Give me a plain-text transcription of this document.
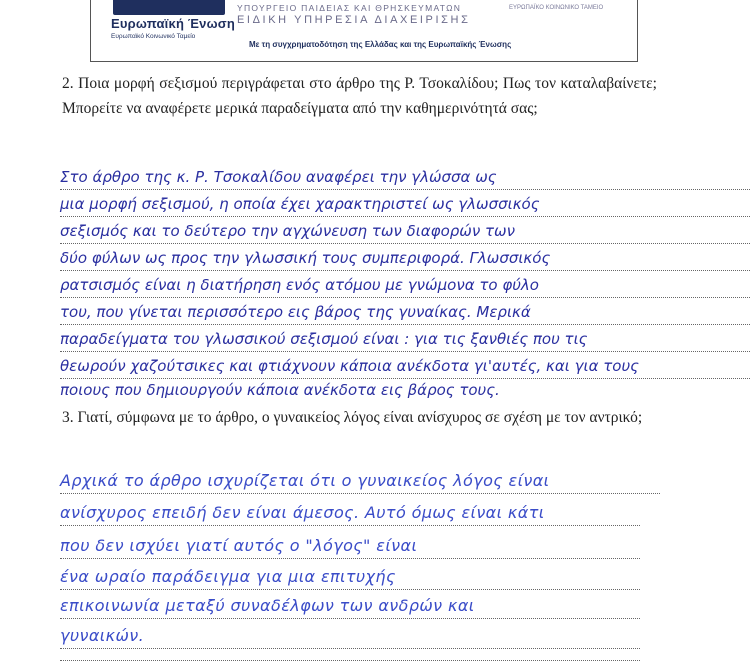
Ευρωπαϊκή Ένωση
Ευρωπαϊκό Κοινωνικό Ταμείο
ΥΠΟΥΡΓΕΙΟ ΠΑΙΔΕΙΑΣ ΚΑΙ ΘΡΗΣΚΕΥΜΑΤΩΝ
ΕΙΔΙΚΗ ΥΠΗΡΕΣΙΑ ΔΙΑΧΕΙΡΙΣΗΣ
ΕΥΡΩΠΑΪΚΟ ΚΟΙΝΩΝΙΚΟ ΤΑΜΕΙΟ
Με τη συγχρηματοδότηση της Ελλάδας και της Ευρωπαϊκής Ένωσης
2. Ποια μορφή σεξισμού περιγράφεται στο άρθρο της Ρ. Τσοκαλίδου; Πως τον καταλαβαίνετε; Μπορείτε να αναφέρετε μερικά παραδείγματα από την καθημερινότητά σας;
Στο άρθρο της κ. Ρ. Τσοκαλίδου αναφέρει την γλώσσα ως
μια μορφή σεξισμού, η οποία έχει χαρακτηριστεί ως γλωσσικός
σεξισμός και το δεύτερο την αγχώνευση των διαφορών των
δύο φύλων ως προς την γλωσσική τους συμπεριφορά. Γλωσσικός
ρατσισμός είναι η διατήρηση ενός ατόμου με γνώμονα το φύλο
του, που γίνεται περισσότερο εις βάρος της γυναίκας. Μερικά
παραδείγματα του γλωσσικού σεξισμού είναι : για τις ξανθιές που τις
θεωρούν χαζούτσικες και φτιάχνουν κάποια ανέκδοτα γι'αυτές, και για τους
ποιους που δημιουργούν κάποια ανέκδοτα εις βάρος τους.
3. Γιατί, σύμφωνα με το άρθρο, ο γυναικείος λόγος είναι ανίσχυρος σε σχέση με τον αντρικό;
Αρχικά το άρθρο ισχυρίζεται ότι ο γυναικείος λόγος είναι
ανίσχυρος επειδή δεν είναι άμεσος. Αυτό όμως είναι κάτι
που δεν ισχύει γιατί αυτός ο "λόγος" είναι
ένα ωραίο παράδειγμα για μια επιτυχής
επικοινωνία μεταξύ συναδέλφων των ανδρών και
γυναικών.
